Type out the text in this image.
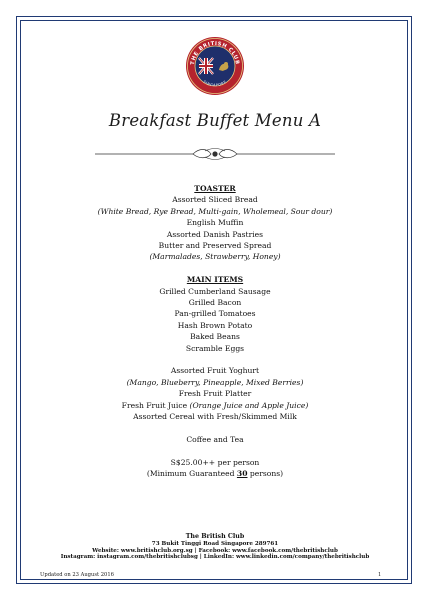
THE BRITISH CLUB
SINGAPORE
Breakfast Buffet Menu A
TOASTER
Assorted Sliced Bread
(White Bread, Rye Bread, Multi-gain, Wholemeal, Sour dour)
English Muffin
Assorted Danish Pastries
Butter and Preserved Spread
(Marmalades, Strawberry, Honey)
MAIN ITEMS
Grilled Cumberland Sausage
Grilled Bacon
Pan-grilled Tomatoes
Hash Brown Potato
Baked Beans
Scramble Eggs
Assorted Fruit Yoghurt
(Mango, Blueberry, Pineapple, Mixed Berries)
Fresh Fruit Platter
Fresh Fruit Juice (Orange Juice and Apple Juice)
Assorted Cereal with Fresh/Skimmed Milk
Coffee and Tea
S$25.00++ per person
(Minimum Guaranteed 30 persons)
The British Club
73 Bukit Tinggi Road Singapore 289761
Website: www.britishclub.org.sg | Facebook: www.facebook.com/thebritishclub
Instagram: instagram.com/thebritishclubsg | LinkedIn: www.linkedin.com/company/thebritishclub
Updated on 23 August 2016	1
